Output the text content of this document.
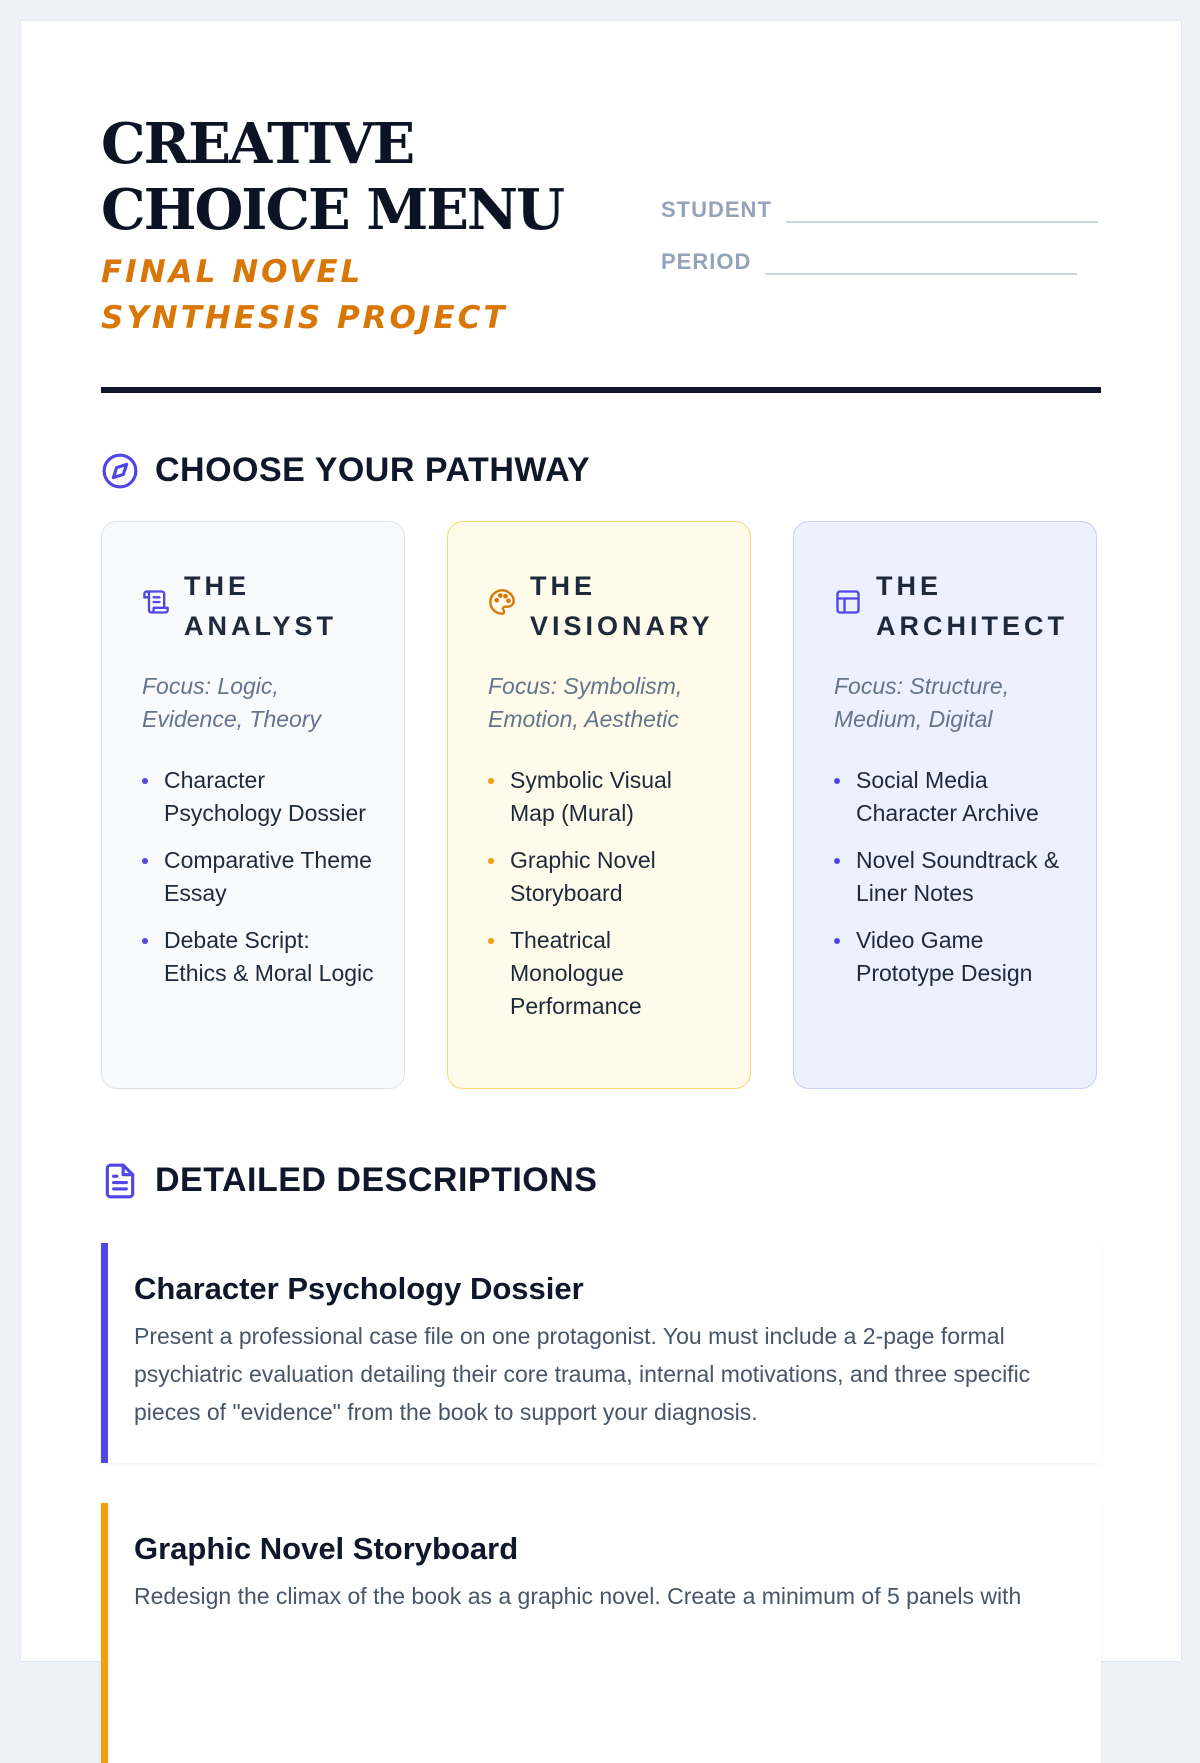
CREATIVE CHOICE MENU
FINAL NOVEL SYNTHESIS PROJECT
STUDENT
PERIOD
CHOOSE YOUR PATHWAY
THE ANALYST
Focus: Logic, Evidence, Theory
Character Psychology Dossier
Comparative Theme Essay
Debate Script: Ethics & Moral Logic
THE VISIONARY
Focus: Symbolism, Emotion, Aesthetic
Symbolic Visual Map (Mural)
Graphic Novel Storyboard
Theatrical Monologue Performance
THE ARCHITECT
Focus: Structure, Medium, Digital
Social Media Character Archive
Novel Soundtrack & Liner Notes
Video Game Prototype Design
DETAILED DESCRIPTIONS
Character Psychology Dossier

Present a professional case file on one protagonist. You must include a 2-page formal psychiatric evaluation detailing their core trauma, internal motivations, and three specific pieces of "evidence" from the book to support your diagnosis.

Graphic Novel Storyboard

Redesign the climax of the book as a graphic novel. Create a minimum of 5 panels with
